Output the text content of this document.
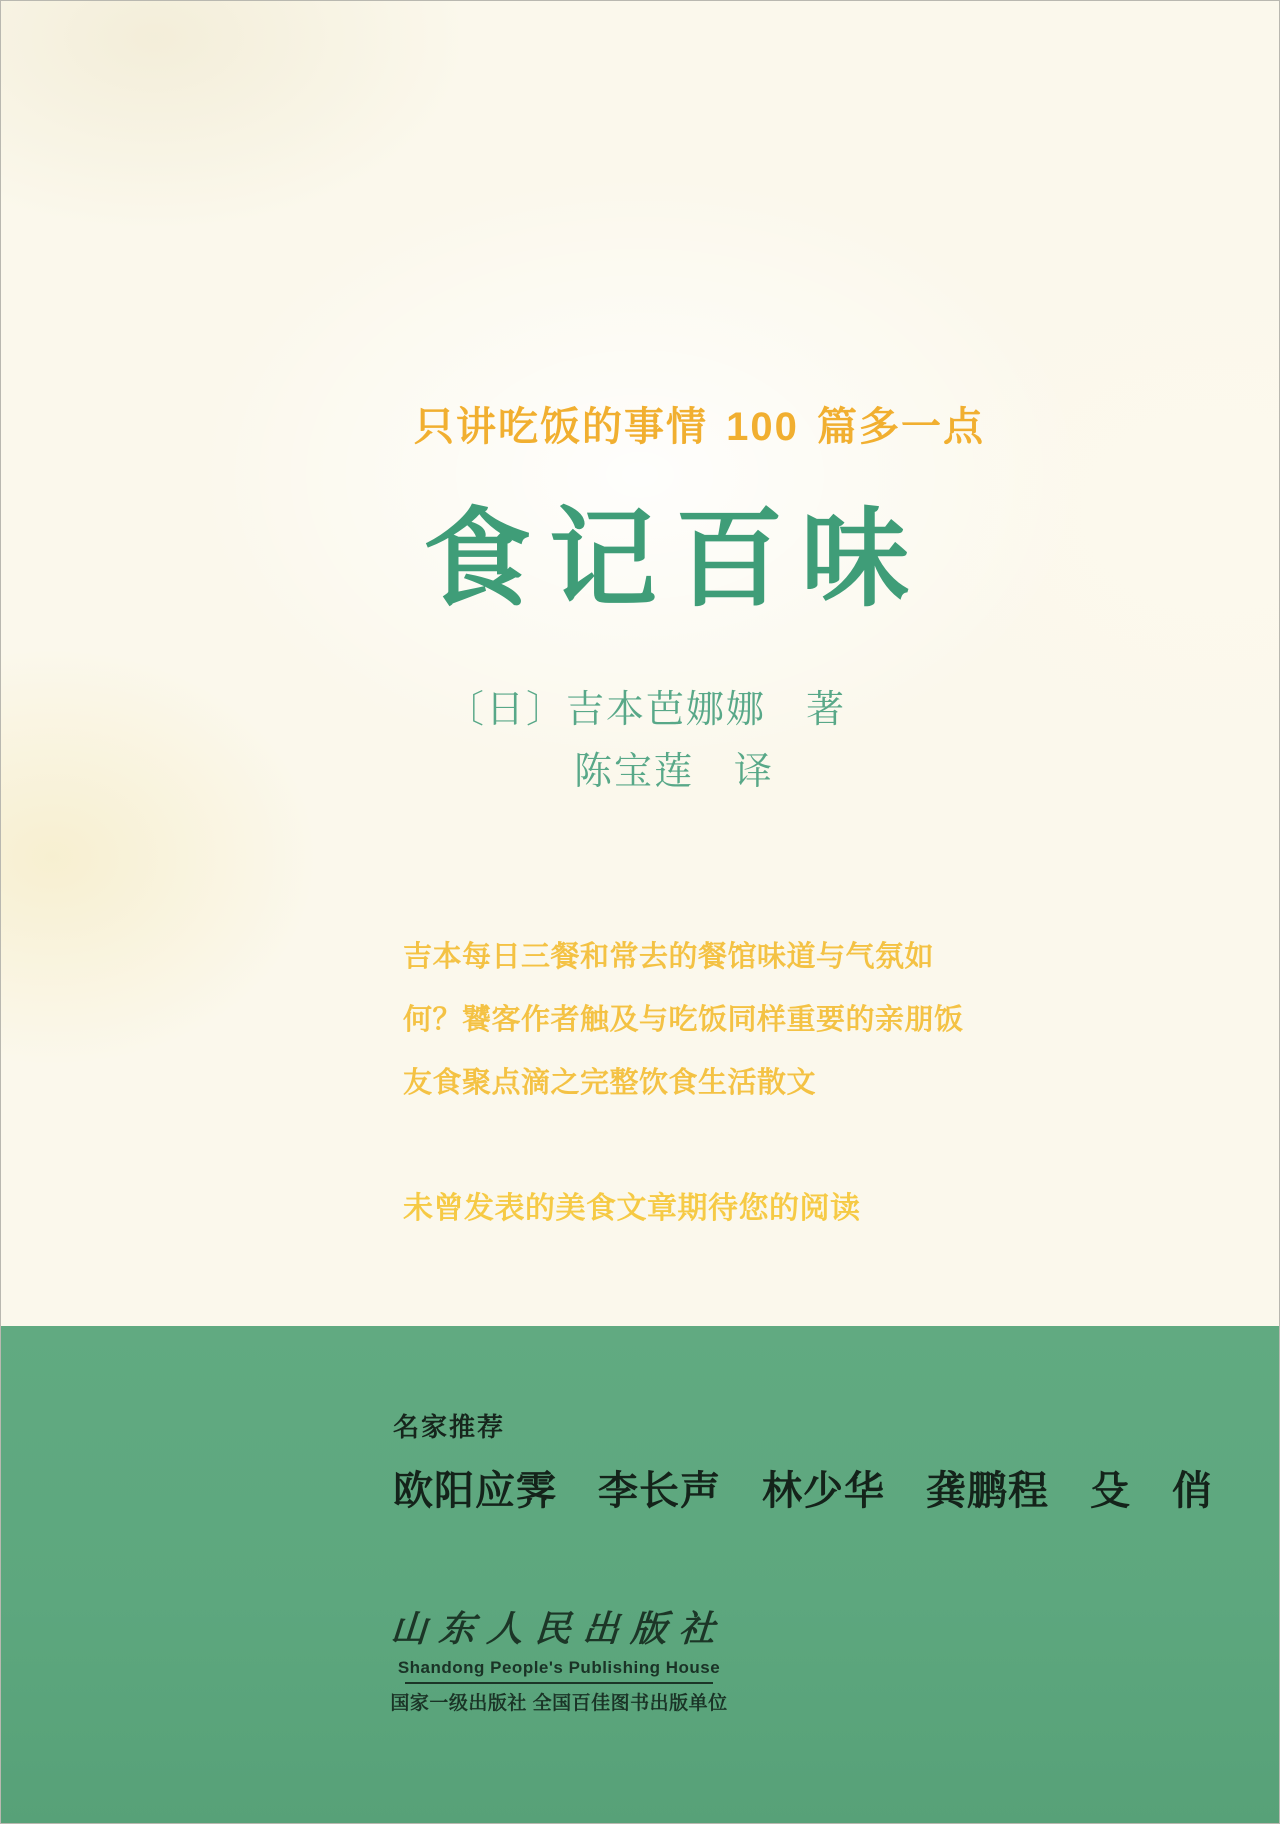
只讲吃饭的事情 100 篇多一点
食记百味
〔日〕吉本芭娜娜　著
陈宝莲　译
吉本每日三餐和常去的餐馆味道与气氛如
何？饕客作者触及与吃饭同样重要的亲朋饭
友食聚点滴之完整饮食生活散文
未曾发表的美食文章期待您的阅读
名家推荐
欧阳应霁　李长声　林少华　龚鹏程　殳　俏
山东人民出版社
Shandong People's Publishing House
国家一级出版社 全国百佳图书出版单位
